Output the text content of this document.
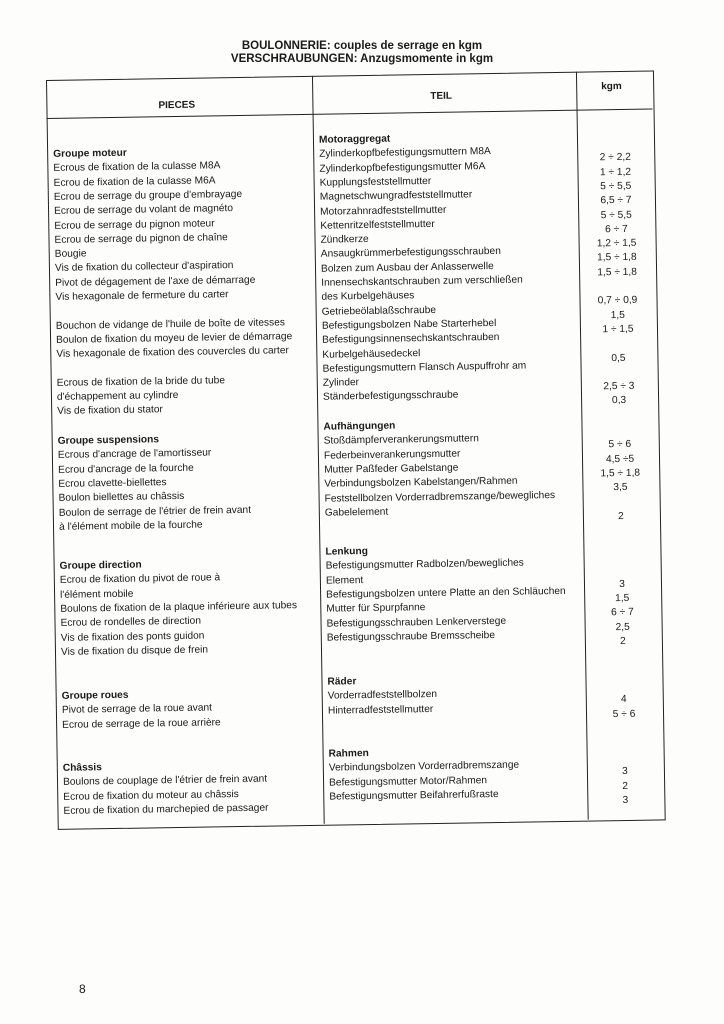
BOULONNERIE: couples de serrage en kgm
VERSCHRAUBUNGEN: Anzugsmomente in kgm
PIECES
TEIL
kgm
Groupe moteur
Ecrous de fixation de la culasse M8A
Ecrou de fixation de la culasse M6A
Ecrou de serrage du groupe d'embrayage
Ecrou de serrage du volant de magnéto
Ecrou de serrage du pignon moteur
Ecrou de serrage du pignon de chaîne
Bougie
Vis de fixation du collecteur d'aspiration
Pivot de dégagement de l'axe de démarrage
Vis hexagonale de fermeture du carter
Bouchon de vidange de l'huile de boîte de vitesses
Boulon de fixation du moyeu de levier de démarrage
Vis hexagonale de fixation des couvercles du carter
Ecrous de fixation de la bride du tube
d'échappement au cylindre
Vis de fixation du stator
Groupe suspensions
Ecrous d'ancrage de l'amortisseur
Ecrou d'ancrage de la fourche
Ecrou clavette-biellettes
Boulon biellettes au châssis
Boulon de serrage de l'étrier de frein avant
à l'élément mobile de la fourche
Groupe direction
Ecrou de fixation du pivot de roue à
l'élément mobile
Boulons de fixation de la plaque inférieure aux tubes
Ecrou de rondelles de direction
Vis de fixation des ponts guidon
Vis de fixation du disque de frein
Groupe roues
Pivot de serrage de la roue avant
Ecrou de serrage de la roue arrière
Châssis
Boulons de couplage de l'étrier de frein avant
Ecrou de fixation du moteur au châssis
Ecrou de fixation du marchepied de passager
Motoraggregat
Zylinderkopfbefestigungsmuttern M8A
Zylinderkopfbefestigungsmutter M6A
Kupplungsfeststellmutter
Magnetschwungradfeststellmutter
Motorzahnradfeststellmutter
Kettenritzelfeststellmutter
Zündkerze
Ansaugkrümmerbefestigungsschrauben
Bolzen zum Ausbau der Anlasserwelle
Innensechskantschrauben zum verschließen
des Kurbelgehäuses
Getriebeölablaßschraube
Befestigungsbolzen Nabe Starterhebel
Befestigungsinnensechskantschrauben
Kurbelgehäusedeckel
Befestigungsmuttern Flansch Auspuffrohr am
Zylinder
Ständerbefestigungsschraube
Aufhängungen
Stoßdämpferverankerungsmuttern
Federbeinverankerungsmutter
Mutter Paßfeder Gabelstange
Verbindungsbolzen Kabelstangen/Rahmen
Feststellbolzen Vorderradbremszange/bewegliches
Gabelelement
Lenkung
Befestigungsmutter Radbolzen/bewegliches
Element
Befestigungsbolzen untere Platte an den Schläuchen
Mutter für Spurpfanne
Befestigungsschrauben Lenkerverstege
Befestigungsschraube Bremsscheibe
Räder
Vorderradfeststellbolzen
Hinterradfeststellmutter
Rahmen
Verbindungsbolzen Vorderradbremszange
Befestigungsmutter Motor/Rahmen
Befestigungsmutter Beifahrerfußraste
2 ÷ 2,2
1 ÷ 1,2
5 ÷ 5,5
6,5 ÷ 7
5 ÷ 5,5
6 ÷ 7
1,2 ÷ 1,5
1,5 ÷ 1,8
1,5 ÷ 1,8
0,7 ÷ 0,9
1,5
1 ÷ 1,5
0,5
2,5 ÷ 3
0,3
5 ÷ 6
4,5 ÷5
1,5 ÷ 1,8
3,5
2
3
1,5
6 ÷ 7
2,5
2
4
5 ÷ 6
3
2
3
8
